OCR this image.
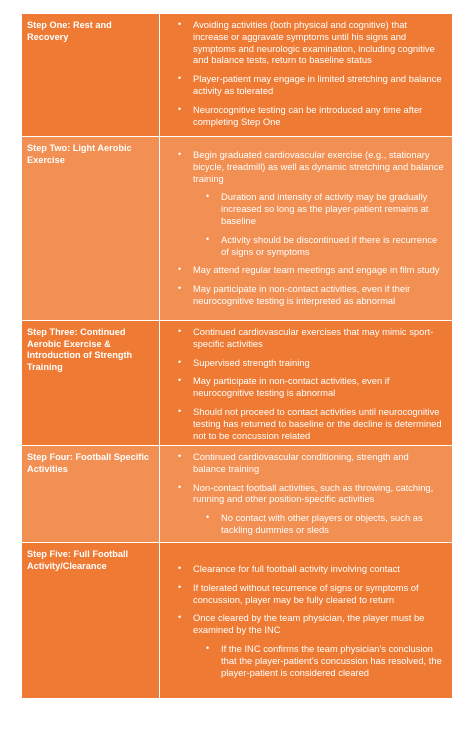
Step One: Rest and Recovery
• Avoiding activities (both physical and cognitive) that increase or aggravate symptoms until his signs and symptoms and neurologic examination, including cognitive and balance tests, return to baseline status
• Player-patient may engage in limited stretching and balance activity as tolerated
• Neurocognitive testing can be introduced any time after completing Step One
Step Two: Light Aerobic Exercise
• Begin graduated cardiovascular exercise (e.g., stationary bicycle, treadmill) as well as dynamic stretching and balance training
• Duration and intensity of activity may be gradually increased so long as the player-patient remains at baseline
• Activity should be discontinued if there is recurrence of signs or symptoms
• May attend regular team meetings and engage in film study
• May participate in non-contact activities, even if their neurocognitive testing is interpreted as abnormal
Step Three: Continued Aerobic Exercise & Introduction of Strength Training
• Continued cardiovascular exercises that may mimic sport-specific activities
• Supervised strength training
• May participate in non-contact activities, even if neurocognitive testing is abnormal
• Should not proceed to contact activities until neurocognitive testing has returned to baseline or the decline is determined not to be concussion related
Step Four: Football Specific Activities
• Continued cardiovascular conditioning, strength and balance training
• Non-contact football activities, such as throwing, catching, running and other position-specific activities
• No contact with other players or objects, such as tackling dummies or sleds
Step Five: Full Football Activity/Clearance	• Clearance for full football activity involving contact
• If tolerated without recurrence of signs or symptoms of concussion, player may be fully cleared to return
• Once cleared by the team physician, the player must be examined by the INC
• If the INC confirms the team physician’s conclusion that the player-patient’s concussion has resolved, the player-patient is considered cleared
